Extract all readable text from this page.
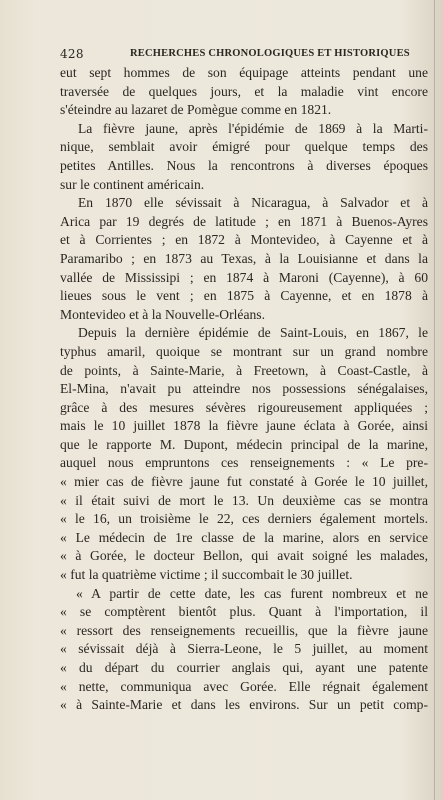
428	RECHERCHES CHRONOLOGIQUES ET HISTORIQUES
eut sept hommes de son équipage atteints pendant une
traversée de quelques jours, et la maladie vint encore
s'éteindre au lazaret de Pomègue comme en 1821.
La fièvre jaune, après l'épidémie de 1869 à la Marti-
nique, semblait avoir émigré pour quelque temps des
petites Antilles. Nous la rencontrons à diverses époques
sur le continent américain.
En 1870 elle sévissait à Nicaragua, à Salvador et à
Arica par 19 degrés de latitude ; en 1871 à Buenos-Ayres
et à Corrientes ; en 1872 à Montevideo, à Cayenne et à
Paramaribo ; en 1873 au Texas, à la Louisianne et dans la
vallée de Mississipi ; en 1874 à Maroni (Cayenne), à 60
lieues sous le vent ; en 1875 à Cayenne, et en 1878 à
Montevideo et à la Nouvelle-Orléans.
Depuis la dernière épidémie de Saint-Louis, en 1867, le
typhus amaril, quoique se montrant sur un grand nombre
de points, à Sainte-Marie, à Freetown, à Coast-Castle, à
El-Mina, n'avait pu atteindre nos possessions sénégalaises,
grâce à des mesures sévères rigoureusement appliquées ;
mais le 10 juillet 1878 la fièvre jaune éclata à Gorée, ainsi
que le rapporte M. Dupont, médecin principal de la marine,
auquel nous empruntons ces renseignements : « Le pre-
« mier cas de fièvre jaune fut constaté à Gorée le 10 juillet,
« il était suivi de mort le 13. Un deuxième cas se montra
« le 16, un troisième le 22, ces derniers également mortels.
« Le médecin de 1re classe de la marine, alors en service
« à Gorée, le docteur Bellon, qui avait soigné les malades,
« fut la quatrième victime ; il succombait le 30 juillet.
« A partir de cette date, les cas furent nombreux et ne
« se comptèrent bientôt plus. Quant à l'importation, il
« ressort des renseignements recueillis, que la fièvre jaune
« sévissait déjà à Sierra-Leone, le 5 juillet, au moment
« du départ du courrier anglais qui, ayant une patente
« nette, communiqua avec Gorée. Elle régnait également
« à Sainte-Marie et dans les environs. Sur un petit comp-
